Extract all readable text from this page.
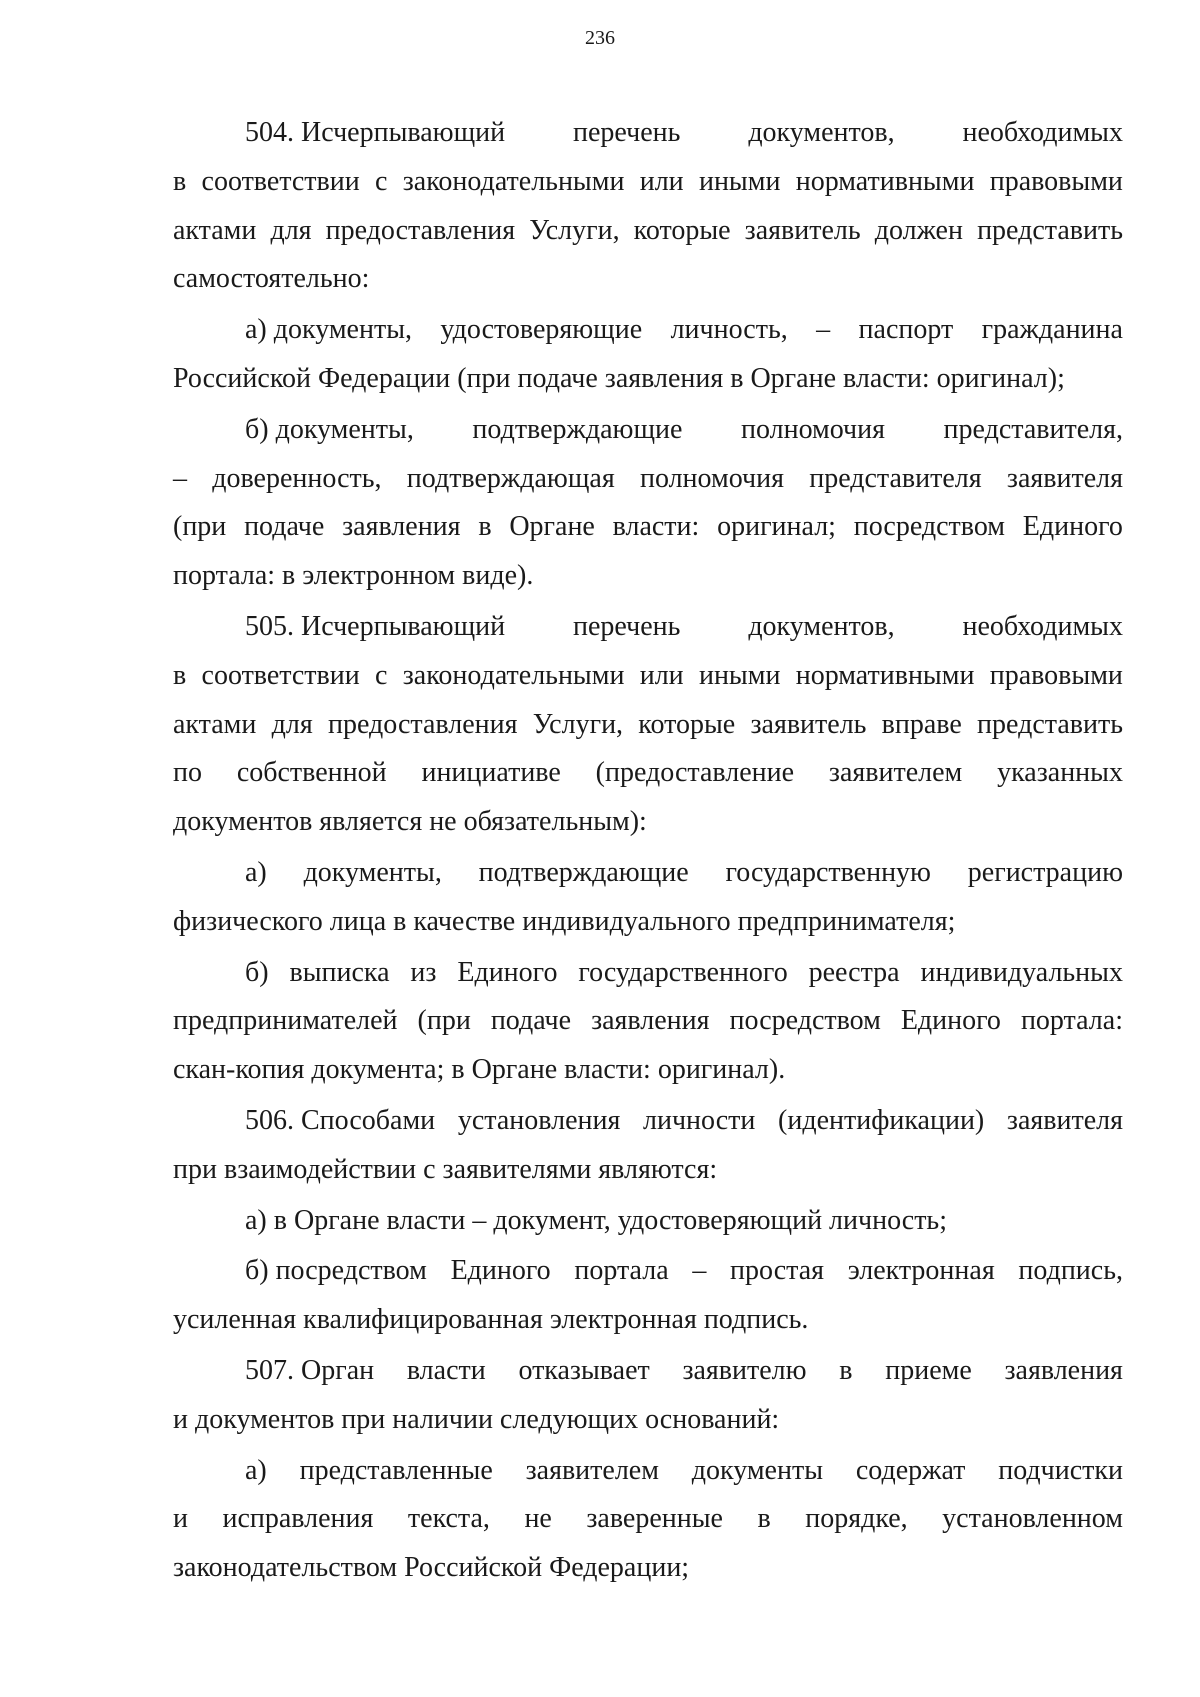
236
504. Исчерпывающий перечень документов, необходимых
в соответствии с законодательными или иными нормативными правовыми
актами для предоставления Услуги, которые заявитель должен представить
самостоятельно:
а) документы, удостоверяющие личность, – паспорт гражданина
Российской Федерации (при подаче заявления в Органе власти: оригинал);
б) документы, подтверждающие полномочия представителя,
– доверенность, подтверждающая полномочия представителя заявителя
(при подаче заявления в Органе власти: оригинал; посредством Единого
портала: в электронном виде).
505. Исчерпывающий перечень документов, необходимых
в соответствии с законодательными или иными нормативными правовыми
актами для предоставления Услуги, которые заявитель вправе представить
по собственной инициативе (предоставление заявителем указанных
документов является не обязательным):
а) документы, подтверждающие государственную регистрацию
физического лица в качестве индивидуального предпринимателя;
б) выписка из Единого государственного реестра индивидуальных
предпринимателей (при подаче заявления посредством Единого портала:
скан-копия документа; в Органе власти: оригинал).
506. Способами установления личности (идентификации) заявителя
при взаимодействии с заявителями являются:
а) в Органе власти – документ, удостоверяющий личность;
б) посредством Единого портала – простая электронная подпись,
усиленная квалифицированная электронная подпись.
507. Орган власти отказывает заявителю в приеме заявления
и документов при наличии следующих оснований:
а) представленные заявителем документы содержат подчистки
и исправления текста, не заверенные в порядке, установленном
законодательством Российской Федерации;
